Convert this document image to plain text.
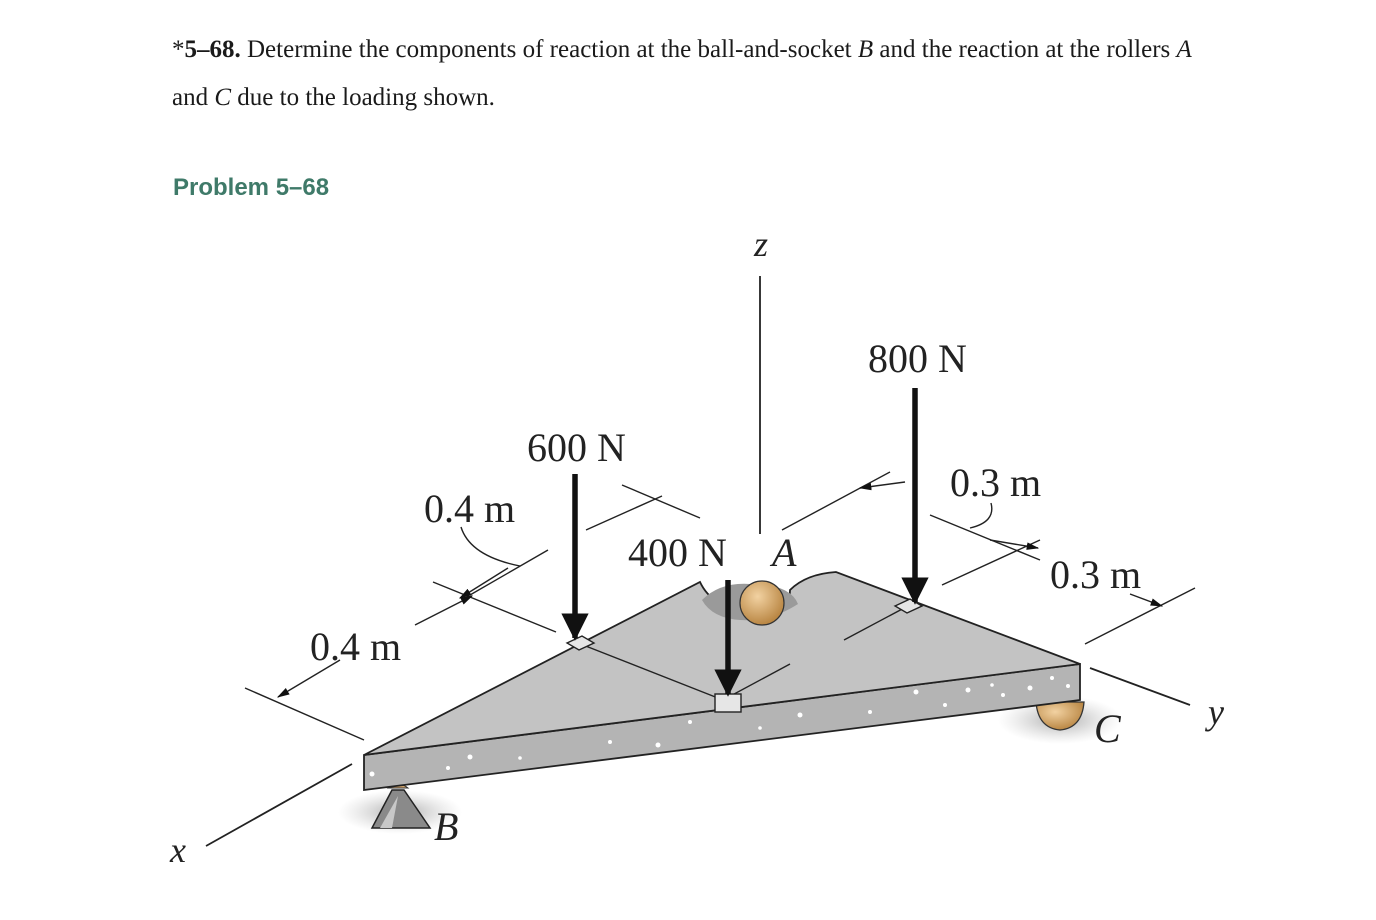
*5–68. Determine the components of reaction at the ball-and-socket B and the reaction at the rollers A and C due to the loading shown.

Problem 5–68
z
x
y
800 N
600 N
400 N
0.4 m
0.4 m
0.3 m
0.3 m
A
B
C
